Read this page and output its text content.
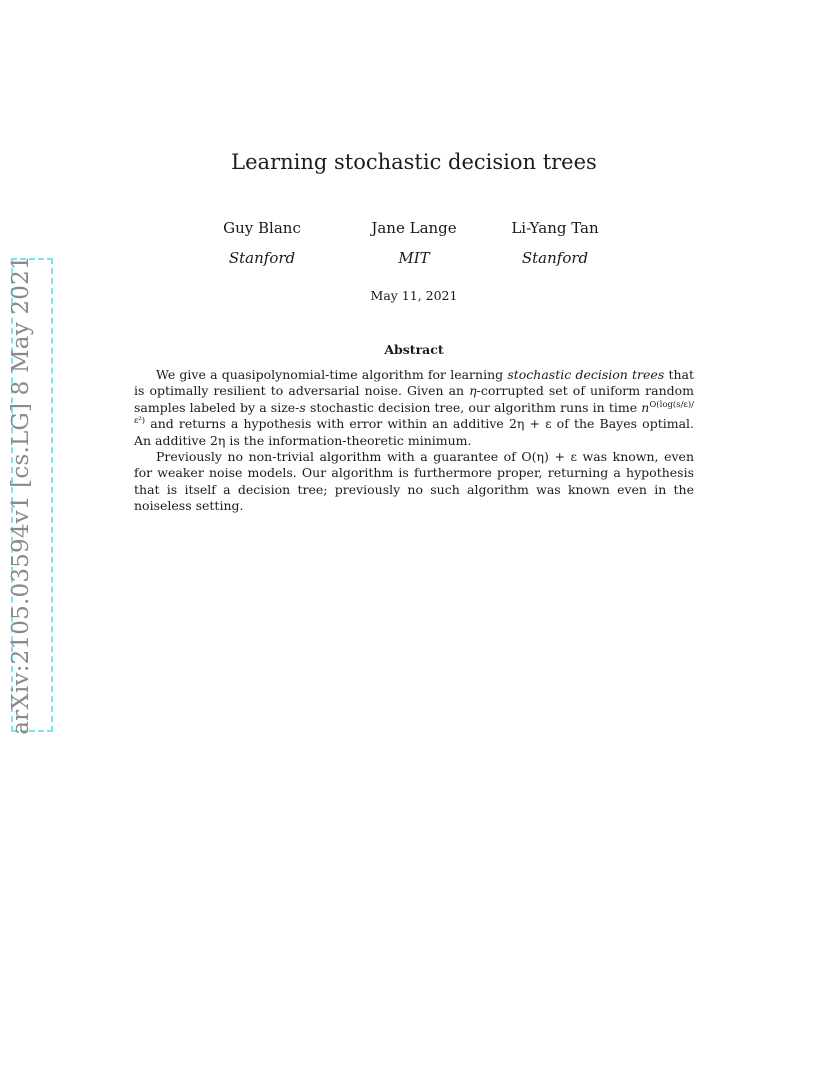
arXiv:2105.03594v1 [cs.LG] 8 May 2021
Learning stochastic decision trees
Guy Blanc
Stanford
Jane Lange
MIT
Li-Yang Tan
Stanford
May 11, 2021
Abstract

We give a quasipolynomial-time algorithm for learning stochastic decision trees that is optimally resilient to adversarial noise. Given an η-corrupted set of uniform random samples labeled by a size-s stochastic decision tree, our algorithm runs in time $n^{O(log(s/\varepsilon)/\varepsilon^2)}$ and returns a hypothesis with error within an additive 2η + ε of the Bayes optimal. An additive 2η is the information-theoretic minimum.

Previously no non-trivial algorithm with a guarantee of O(η) + ε was known, even for weaker noise models. Our algorithm is furthermore proper, returning a hypothesis that is itself a decision tree; previously no such algorithm was known even in the noiseless setting.
